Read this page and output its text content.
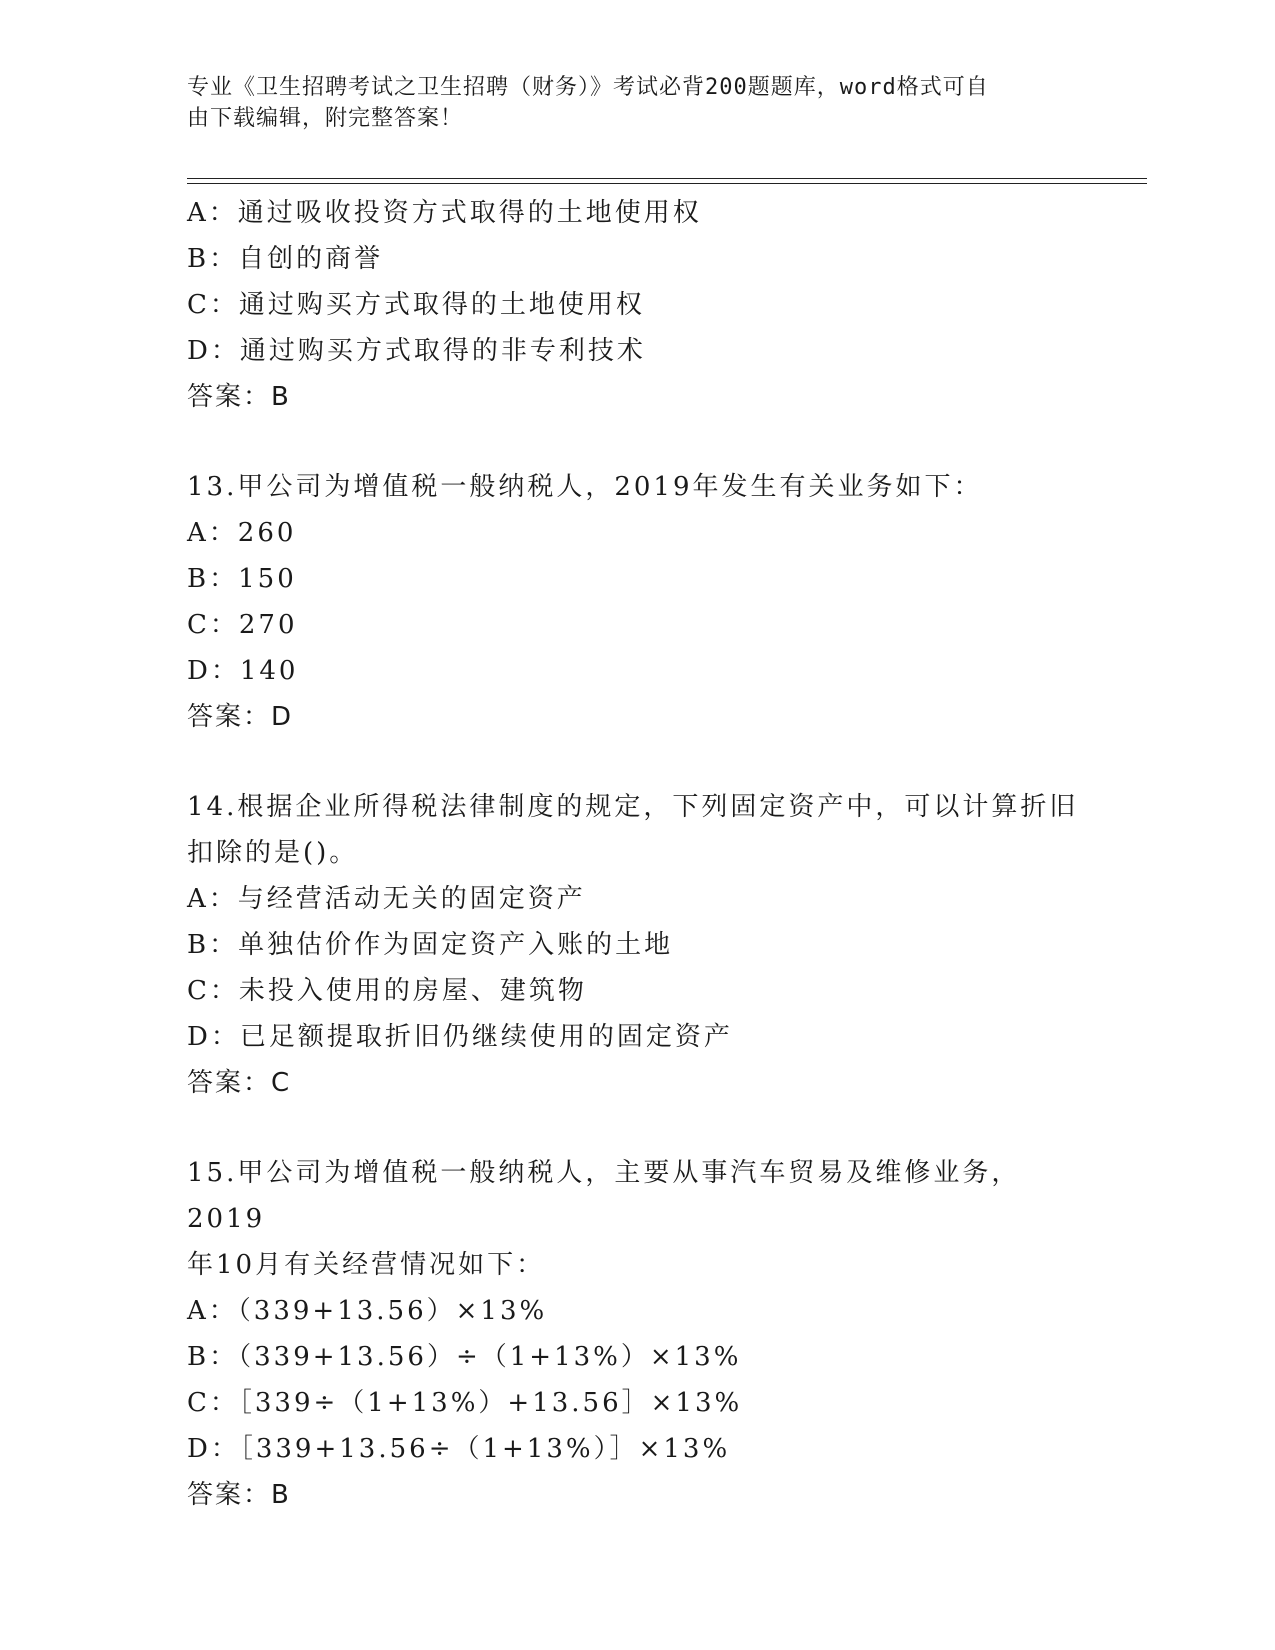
专业《卫生招聘考试之卫生招聘（财务）》考试必背200题题库，word格式可自
由下载编辑，附完整答案！
A：通过吸收投资方式取得的土地使用权
B：自创的商誉
C：通过购买方式取得的土地使用权
D：通过购买方式取得的非专利技术
答案：B
13.甲公司为增值税一般纳税人，2019年发生有关业务如下：
A：260
B：150
C：270
D：140
答案：D
14.根据企业所得税法律制度的规定，下列固定资产中，可以计算折旧
扣除的是()。
A：与经营活动无关的固定资产
B：单独估价作为固定资产入账的土地
C：未投入使用的房屋、建筑物
D：已足额提取折旧仍继续使用的固定资产
答案：C
15.甲公司为增值税一般纳税人，主要从事汽车贸易及维修业务，2019
年10月有关经营情况如下：
A：（339+13.56）×13%
B：（339+13.56）÷（1+13%）×13%
C：［339÷（1+13%）+13.56］×13%
D：［339+13.56÷（1+13%）］×13%
答案：B
